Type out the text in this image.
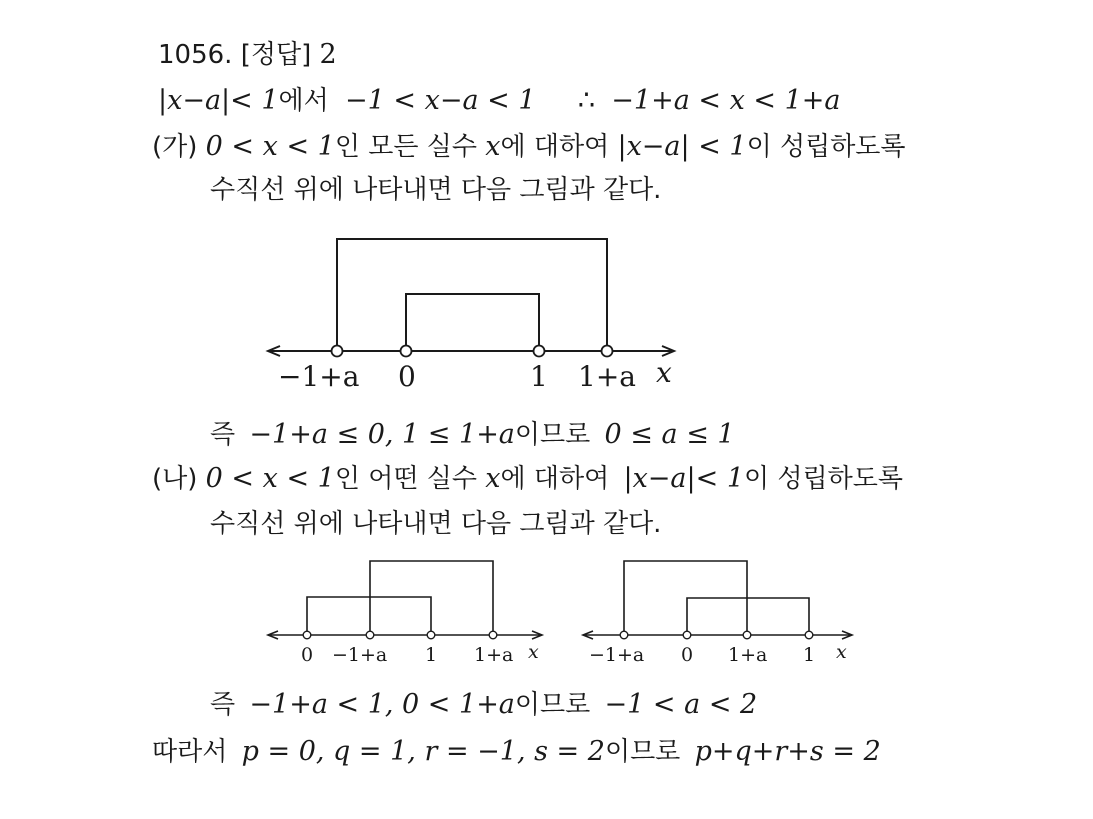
1056. [정답] 2
|x−a|< 1에서 −1 < x−a < 1 ∴ −1+a < x < 1+a
(가) 0 < x < 1인 모든 실수 x에 대하여 |x−a| < 1이 성립하도록
수직선 위에 나타내면 다음 그림과 같다.
−1+a 0	1 1+a x
즉 −1+a ≤ 0, 1 ≤ 1+a이므로 0 ≤ a ≤ 1
(나) 0 < x < 1인 어떤 실수 x에 대하여 |x−a|< 1이 성립하도록
수직선 위에 나타내면 다음 그림과 같다.
0 −1+a 1 1+a x	−1+a 0 1+a 1 x
즉 −1+a < 1, 0 < 1+a이므로 −1 < a < 2
따라서 p = 0, q = 1, r = −1, s = 2이므로 p+q+r+s = 2
